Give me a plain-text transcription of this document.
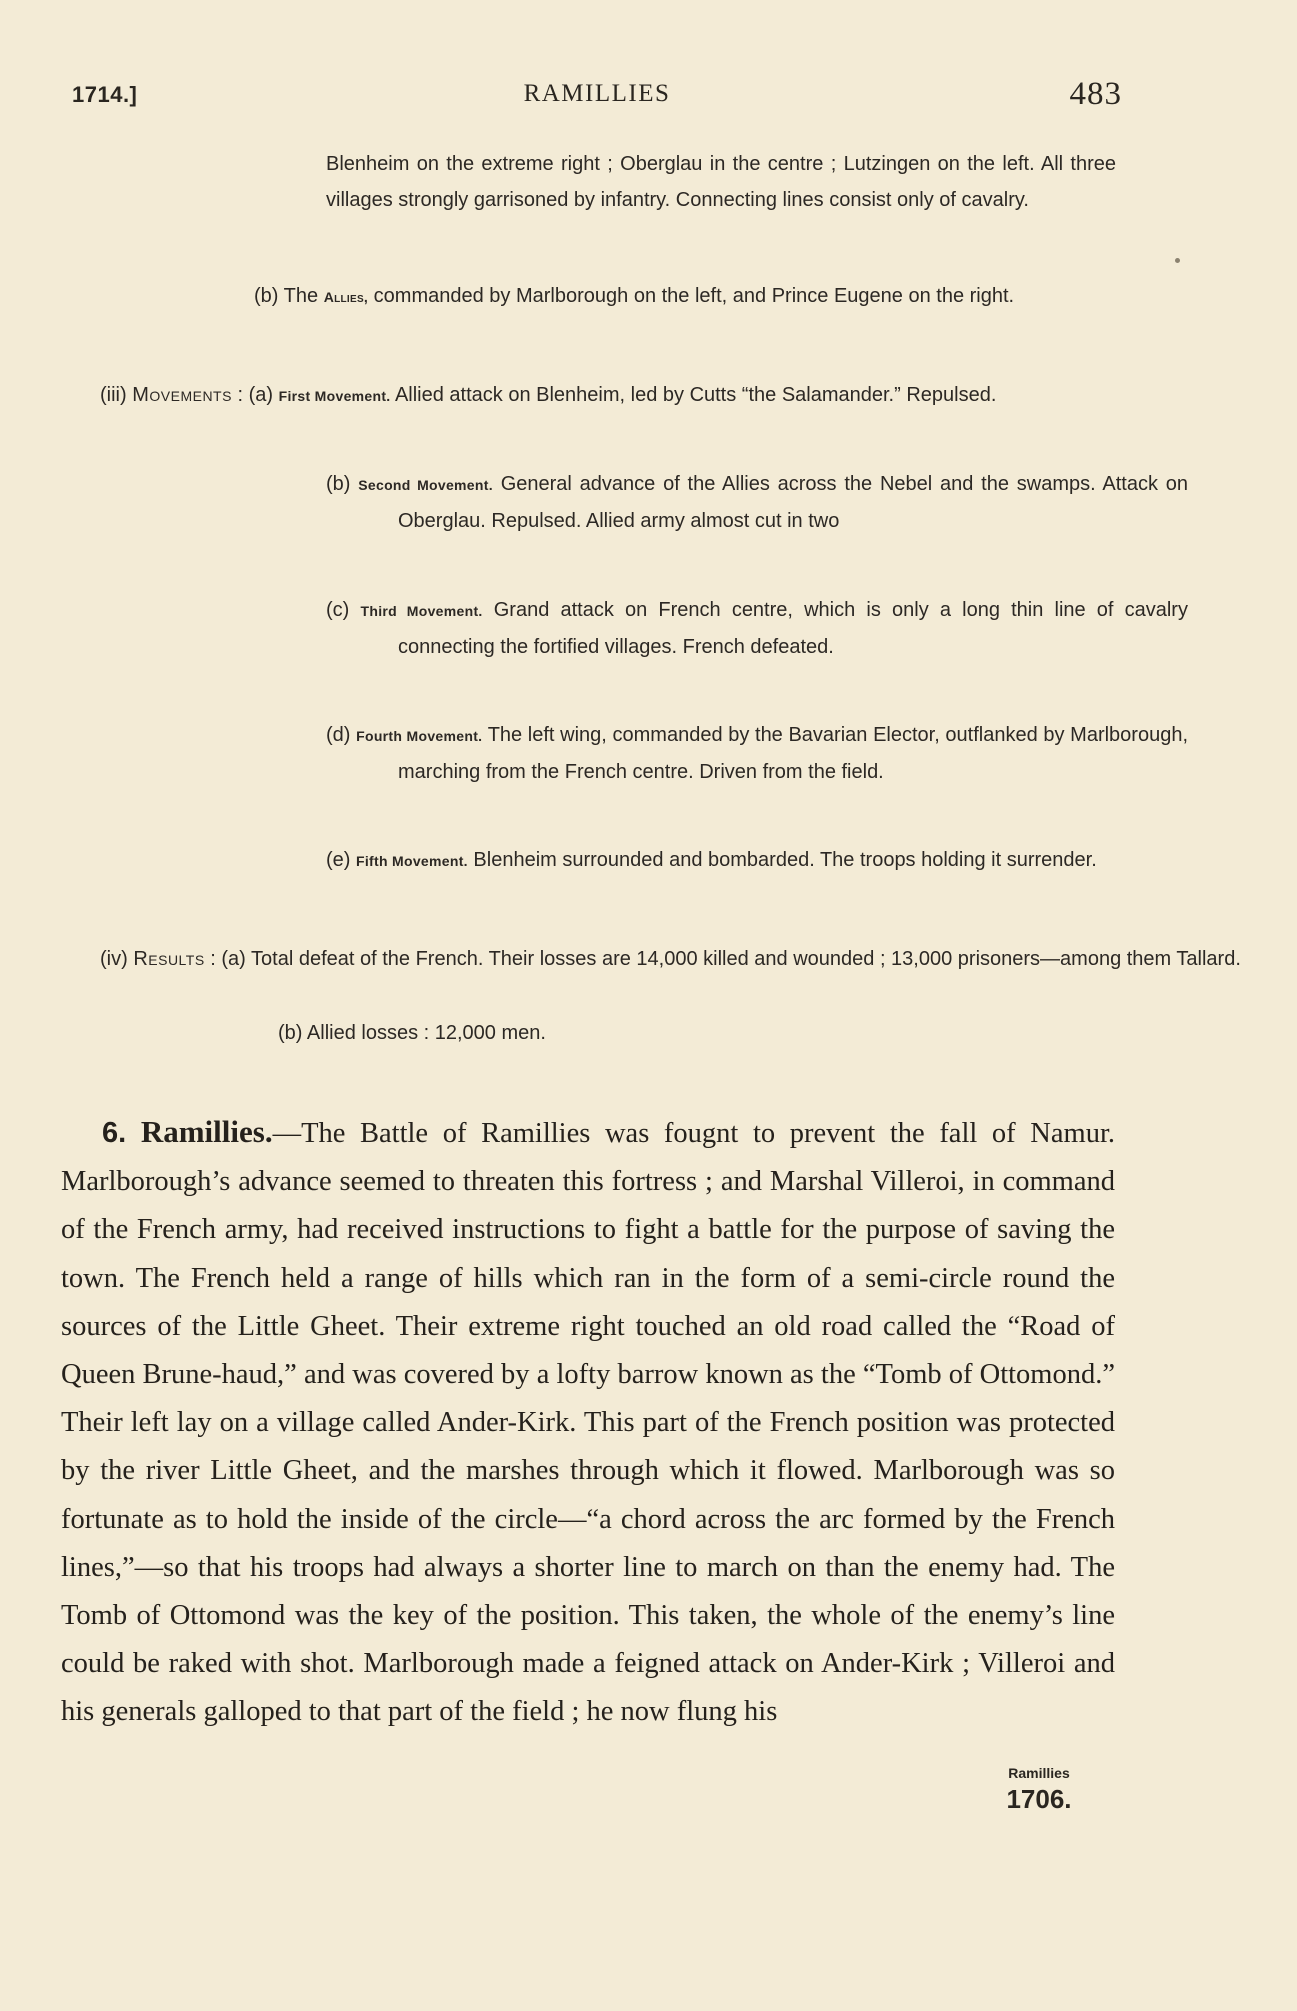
1714.]	RAMILLIES	483
Blenheim on the extreme right ; Oberglau in the centre ; Lutzingen on the left. All three villages strongly garrisoned by infantry. Connecting lines consist only of cavalry.
(b) The Allies, commanded by Marlborough on the left, and Prince Eugene on the right.
(iii) Movements : (a) First Movement. Allied attack on Blenheim, led by Cutts “the Salamander.” Repulsed.
(b) Second Movement. General advance of the Allies across the Nebel and the swamps. Attack on Oberglau. Repulsed. Allied army almost cut in two
(c) Third Movement. Grand attack on French centre, which is only a long thin line of cavalry connecting the fortified villages. French defeated.
(d) Fourth Movement. The left wing, commanded by the Bavarian Elector, outflanked by Marlborough, marching from the French centre. Driven from the field.
(e) Fifth Movement. Blenheim surrounded and bombarded. The troops holding it surrender.
(iv) Results : (a) Total defeat of the French. Their losses are 14,000 killed and wounded ; 13,000 prisoners—among them Tallard.
(b) Allied losses : 12,000 men.
6. Ramillies.—The Battle of Ramillies was fougnt to prevent the fall of Namur. Marlborough’s advance seemed to threaten this fortress ; and Marshal Villeroi, in command of the French army, had received instructions to fight a battle for the purpose of saving the town. The French held a range of hills which ran in the form of a semi-circle round the sources of the Little Gheet. Their extreme right touched an old road called the “Road of Queen Brune-haud,” and was covered by a lofty barrow known as the “Tomb of Ottomond.” Their left lay on a village called Ander-Kirk. This part of the French position was protected by the river Little Gheet, and the marshes through which it flowed. Marlborough was so fortunate as to hold the inside of the circle—“a chord across the arc formed by the French lines,”—so that his troops had always a shorter line to march on than the enemy had. The Tomb of Ottomond was the key of the position. This taken, the whole of the enemy’s line could be raked with shot. Marlborough made a feigned attack on Ander-Kirk ; Villeroi and his generals galloped to that part of the field ; he now flung his
Ramillies
1706.
